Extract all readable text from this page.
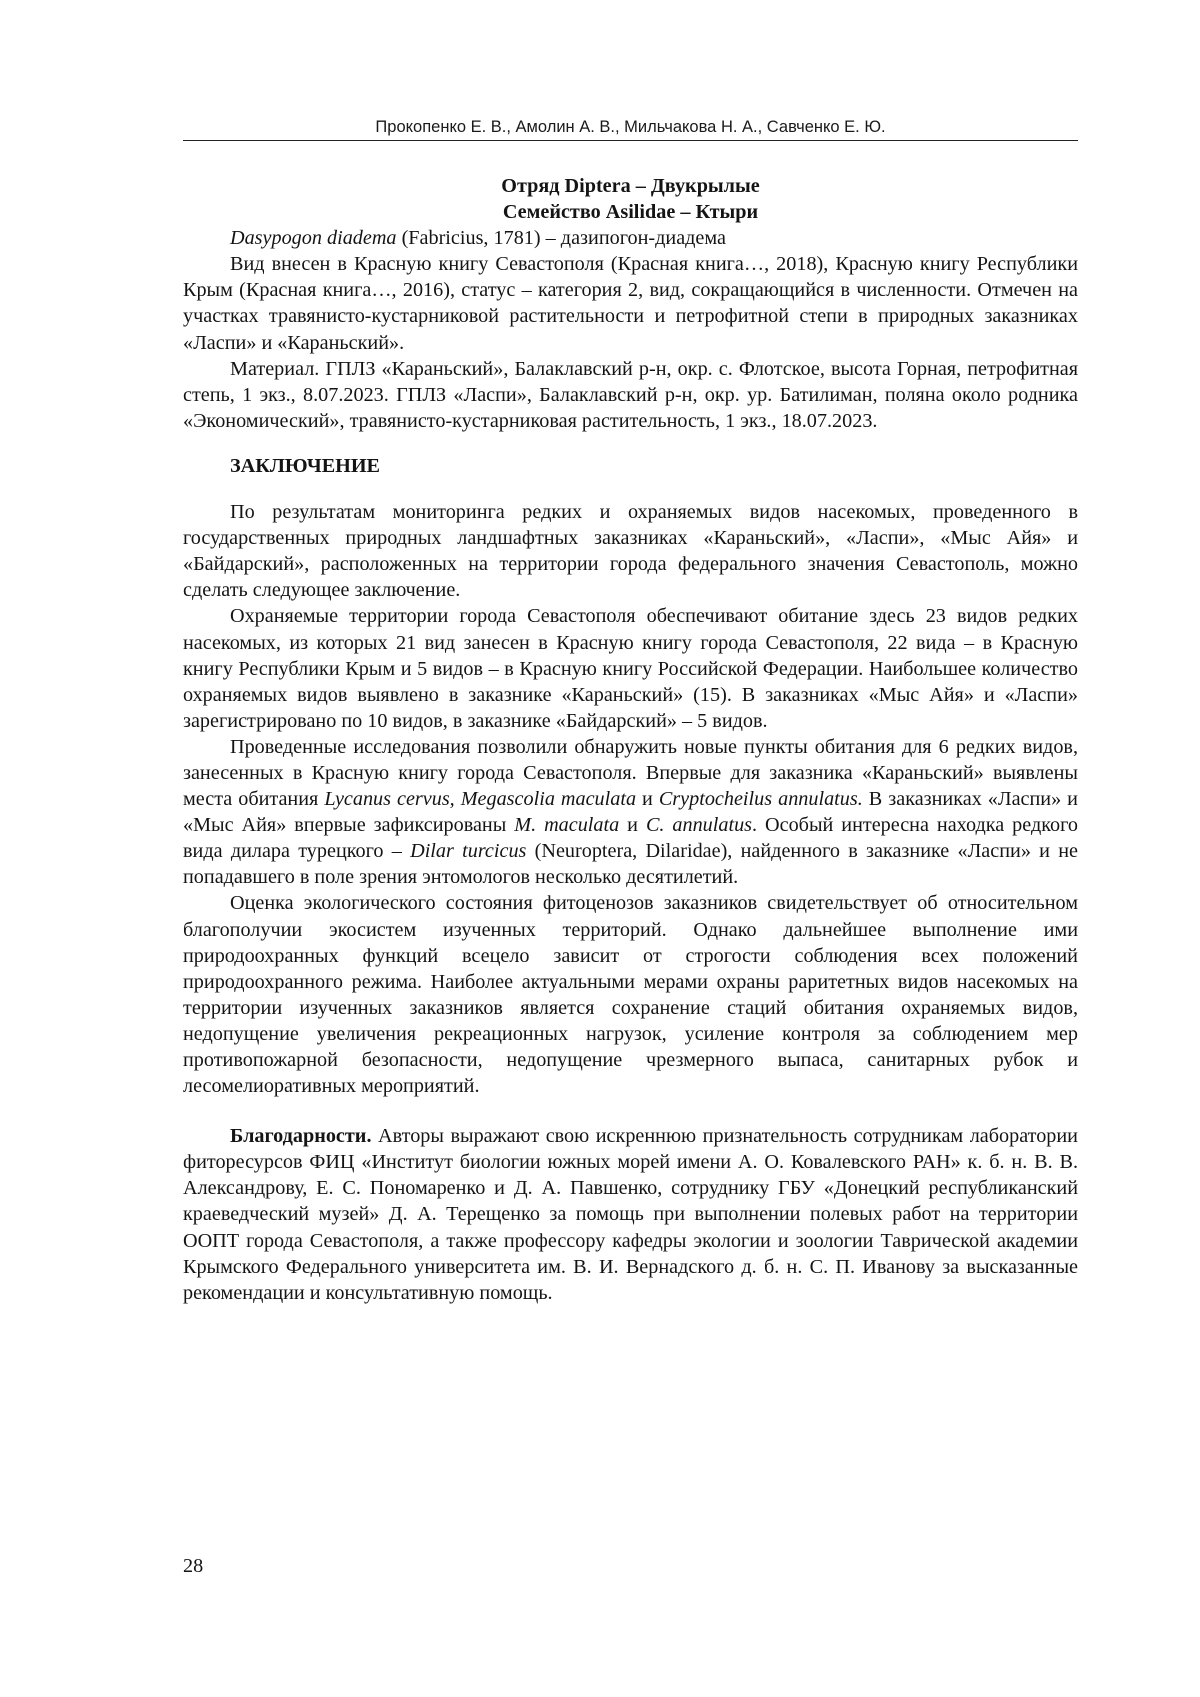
Прокопенко Е. В., Амолин А. В., Мильчакова Н. А., Савченко Е. Ю.
Отряд Diptera – Двукрылые
Семейство Asilidae – Ктыри

Dasypogon diadema (Fabricius, 1781) – дазипогон-диадема

Вид внесен в Красную книгу Севастополя (Красная книга…, 2018), Красную книгу Республики Крым (Красная книга…, 2016), статус – категория 2, вид, сокращающийся в численности. Отмечен на участках травянисто-кустарниковой растительности и петрофитной степи в природных заказниках «Ласпи» и «Караньский».

Материал. ГПЛЗ «Караньский», Балаклавский р-н, окр. с. Флотское, высота Горная, петрофитная степь, 1 экз., 8.07.2023. ГПЛЗ «Ласпи», Балаклавский р-н, окр. ур. Батилиман, поляна около родника «Экономический», травянисто-кустарниковая растительность, 1 экз., 18.07.2023.

ЗАКЛЮЧЕНИЕ

По результатам мониторинга редких и охраняемых видов насекомых, проведенного в государственных природных ландшафтных заказниках «Караньский», «Ласпи», «Мыс Айя» и «Байдарский», расположенных на территории города федерального значения Севастополь, можно сделать следующее заключение.

Охраняемые территории города Севастополя обеспечивают обитание здесь 23 видов редких насекомых, из которых 21 вид занесен в Красную книгу города Севастополя, 22 вида – в Красную книгу Республики Крым и 5 видов – в Красную книгу Российской Федерации. Наибольшее количество охраняемых видов выявлено в заказнике «Караньский» (15). В заказниках «Мыс Айя» и «Ласпи» зарегистрировано по 10 видов, в заказнике «Байдарский» – 5 видов.

Проведенные исследования позволили обнаружить новые пункты обитания для 6 редких видов, занесенных в Красную книгу города Севастополя. Впервые для заказника «Караньский» выявлены места обитания Lycanus cervus, Megascolia maculata и Cryptocheilus annulatus. В заказниках «Ласпи» и «Мыс Айя» впервые зафиксированы M. maculata и C. annulatus. Особый интересна находка редкого вида дилара турецкого – Dilar turcicus (Neuroptera, Dilaridae), найденного в заказнике «Ласпи» и не попадавшего в поле зрения энтомологов несколько десятилетий.

Оценка экологического состояния фитоценозов заказников свидетельствует об относительном благополучии экосистем изученных территорий. Однако дальнейшее выполнение ими природоохранных функций всецело зависит от строгости соблюдения всех положений природоохранного режима. Наиболее актуальными мерами охраны раритетных видов насекомых на территории изученных заказников является сохранение стаций обитания охраняемых видов, недопущение увеличения рекреационных нагрузок, усиление контроля за соблюдением мер противопожарной безопасности, недопущение чрезмерного выпаса, санитарных рубок и лесомелиоративных мероприятий.

Благодарности. Авторы выражают свою искреннюю признательность сотрудникам лаборатории фиторесурсов ФИЦ «Институт биологии южных морей имени А. О. Ковалевского РАН» к. б. н. В. В. Александрову, Е. С. Пономаренко и Д. А. Павшенко, сотруднику ГБУ «Донецкий республиканский краеведческий музей» Д. А. Терещенко за помощь при выполнении полевых работ на территории ООПТ города Севастополя, а также профессору кафедры экологии и зоологии Таврической академии Крымского Федерального университета им. В. И. Вернадского д. б. н. С. П. Иванову за высказанные рекомендации и консультативную помощь.

28
